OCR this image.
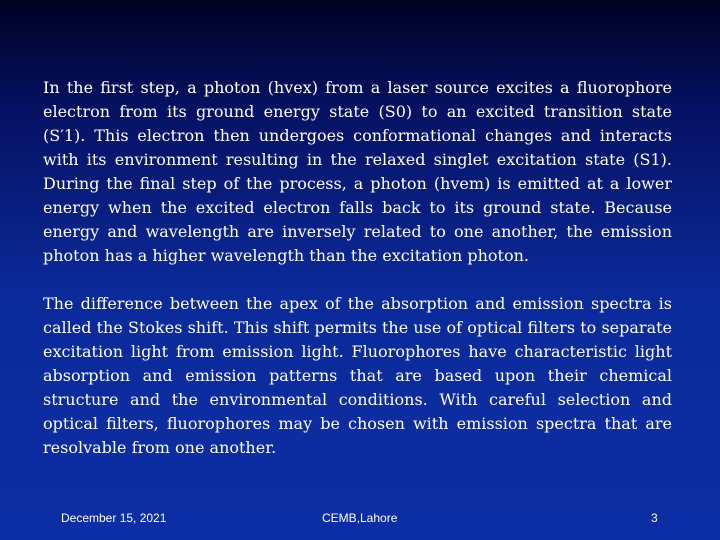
In the first step, a photon (hvex) from a laser source excites a fluorophore electron from its ground energy state (S0) to an excited transition state (S′1). This electron then undergoes conformational changes and interacts with its environment resulting in the relaxed singlet excitation state (S1). During the final step of the process, a photon (hvem) is emitted at a lower energy when the excited electron falls back to its ground state. Because energy and wavelength are inversely related to one another, the emission photon has a higher wavelength than the excitation photon.

The difference between the apex of the absorption and emission spectra is called the Stokes shift. This shift permits the use of optical filters to separate excitation light from emission light. Fluorophores have characteristic light absorption and emission patterns that are based upon their chemical structure and the environmental conditions. With careful selection and optical filters, fluorophores may be chosen with emission spectra that are resolvable from one another.

December 15, 2021	CEMB,Lahore	3
